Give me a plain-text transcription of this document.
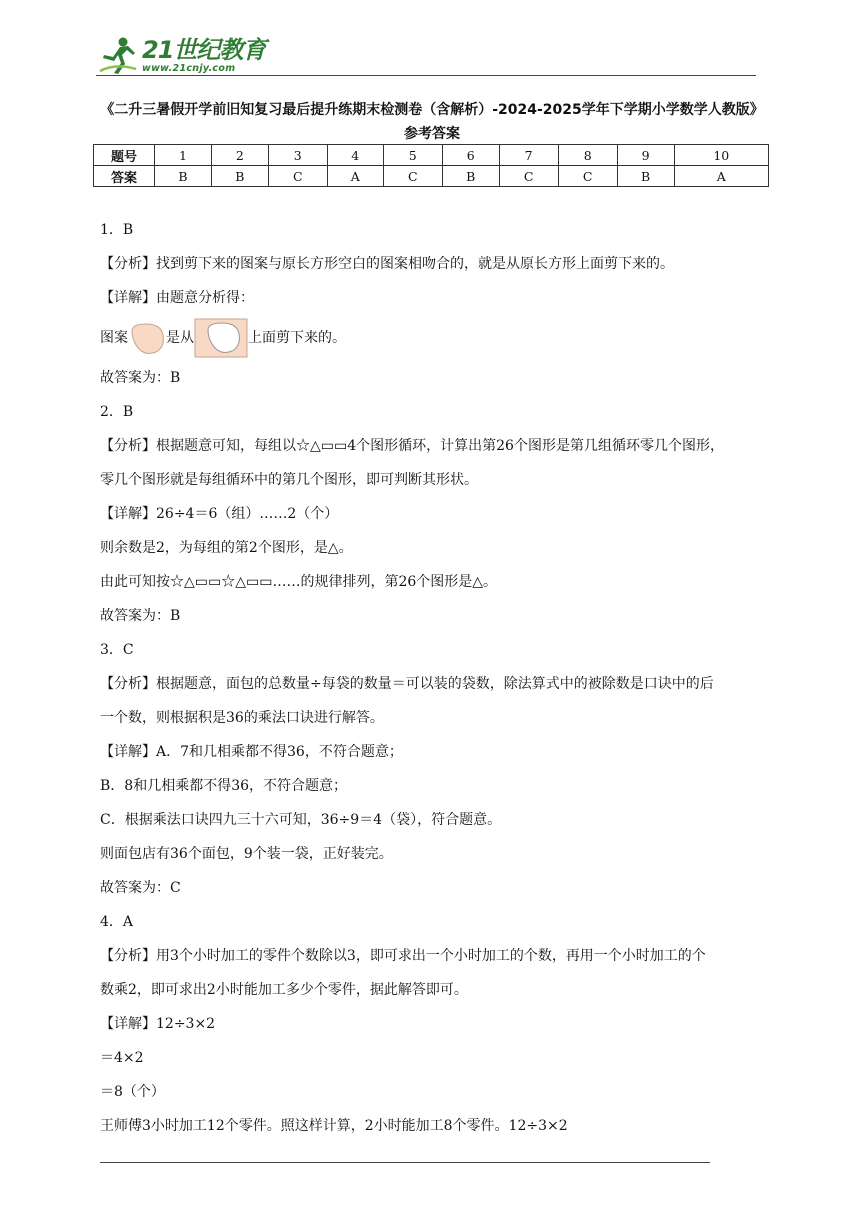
21世纪教育
www.21cnjy.com
《二升三暑假开学前旧知复习最后提升练期末检测卷（含解析）-2024-2025学年下学期小学数学人教版》参考答案
题号	1	2	3	4	5	6	7	8	9	10
答案	B	B	C	A	C	B	C	C	B	A
1．B
【分析】找到剪下来的图案与原长方形空白的图案相吻合的，就是从原长方形上面剪下来的。
【详解】由题意分析得：
图案	是从	上面剪下来的。
故答案为：B
2．B
【分析】根据题意可知，每组以☆△▭▭4个图形循环，计算出第26个图形是第几组循环零几个图形，
零几个图形就是每组循环中的第几个图形，即可判断其形状。
【详解】26÷4＝6（组）……2（个）
则余数是2，为每组的第2个图形，是△。
由此可知按☆△▭▭☆△▭▭……的规律排列，第26个图形是△。
故答案为：B
3．C
【分析】根据题意，面包的总数量÷每袋的数量＝可以装的袋数，除法算式中的被除数是口诀中的后
一个数，则根据积是36的乘法口诀进行解答。
【详解】A．7和几相乘都不得36，不符合题意；
B．8和几相乘都不得36，不符合题意；
C．根据乘法口诀四九三十六可知，36÷9＝4（袋），符合题意。
则面包店有36个面包，9个装一袋，正好装完。
故答案为：C
4．A
【分析】用3个小时加工的零件个数除以3，即可求出一个小时加工的个数，再用一个小时加工的个
数乘2，即可求出2小时能加工多少个零件，据此解答即可。
【详解】12÷3×2
＝4×2
＝8（个）
王师傅3小时加工12个零件。照这样计算，2小时能加工8个零件。12÷3×2
